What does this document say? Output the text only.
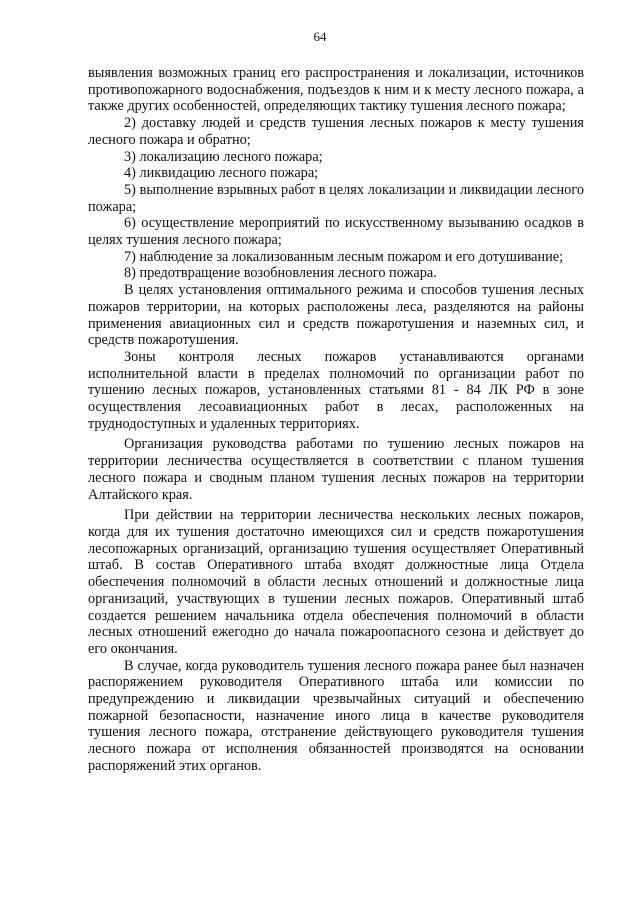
64

выявления возможных границ его распространения и локализации, источников противопожарного водоснабжения, подъездов к ним и к месту лесного пожара, а также других особенностей, определяющих тактику тушения лесного пожара;

2) доставку людей и средств тушения лесных пожаров к месту тушения лесного пожара и обратно;

3) локализацию лесного пожара;

4) ликвидацию лесного пожара;

5) выполнение взрывных работ в целях локализации и ликвидации лесного пожара;

6) осуществление мероприятий по искусственному вызыванию осадков в целях тушения лесного пожара;

7) наблюдение за локализованным лесным пожаром и его дотушивание;

8) предотвращение возобновления лесного пожара.

В целях установления оптимального режима и способов тушения лесных пожаров территории, на которых расположены леса, разделяются на районы применения авиационных сил и средств пожаротушения и наземных сил, и средств пожаротушения.

Зоны контроля лесных пожаров устанавливаются органами исполнительной власти в пределах полномочий по организации работ по тушению лесных пожаров, установленных статьями 81 - 84 ЛК РФ в зоне осуществления лесоавиационных работ в лесах, расположенных на труднодоступных и удаленных территориях.

Организация руководства работами по тушению лесных пожаров на территории лесничества осуществляется в соответствии с планом тушения лесного пожара и сводным планом тушения лесных пожаров на территории Алтайского края.

При действии на территории лесничества нескольких лесных пожаров, когда для их тушения достаточно имеющихся сил и средств пожаротушения лесопожарных организаций, организацию тушения осуществляет Оперативный штаб. В состав Оперативного штаба входят должностные лица Отдела обеспечения полномочий в области лесных отношений и должностные лица организаций, участвующих в тушении лесных пожаров. Оперативный штаб создается решением начальника отдела обеспечения полномочий в области лесных отношений ежегодно до начала пожароопасного сезона и действует до его окончания.

В случае, когда руководитель тушения лесного пожара ранее был назначен распоряжением руководителя Оперативного штаба или комиссии по предупреждению и ликвидации чрезвычайных ситуаций и обеспечению пожарной безопасности, назначение иного лица в качестве руководителя тушения лесного пожара, отстранение действующего руководителя тушения лесного пожара от исполнения обязанностей производятся на основании распоряжений этих органов.
